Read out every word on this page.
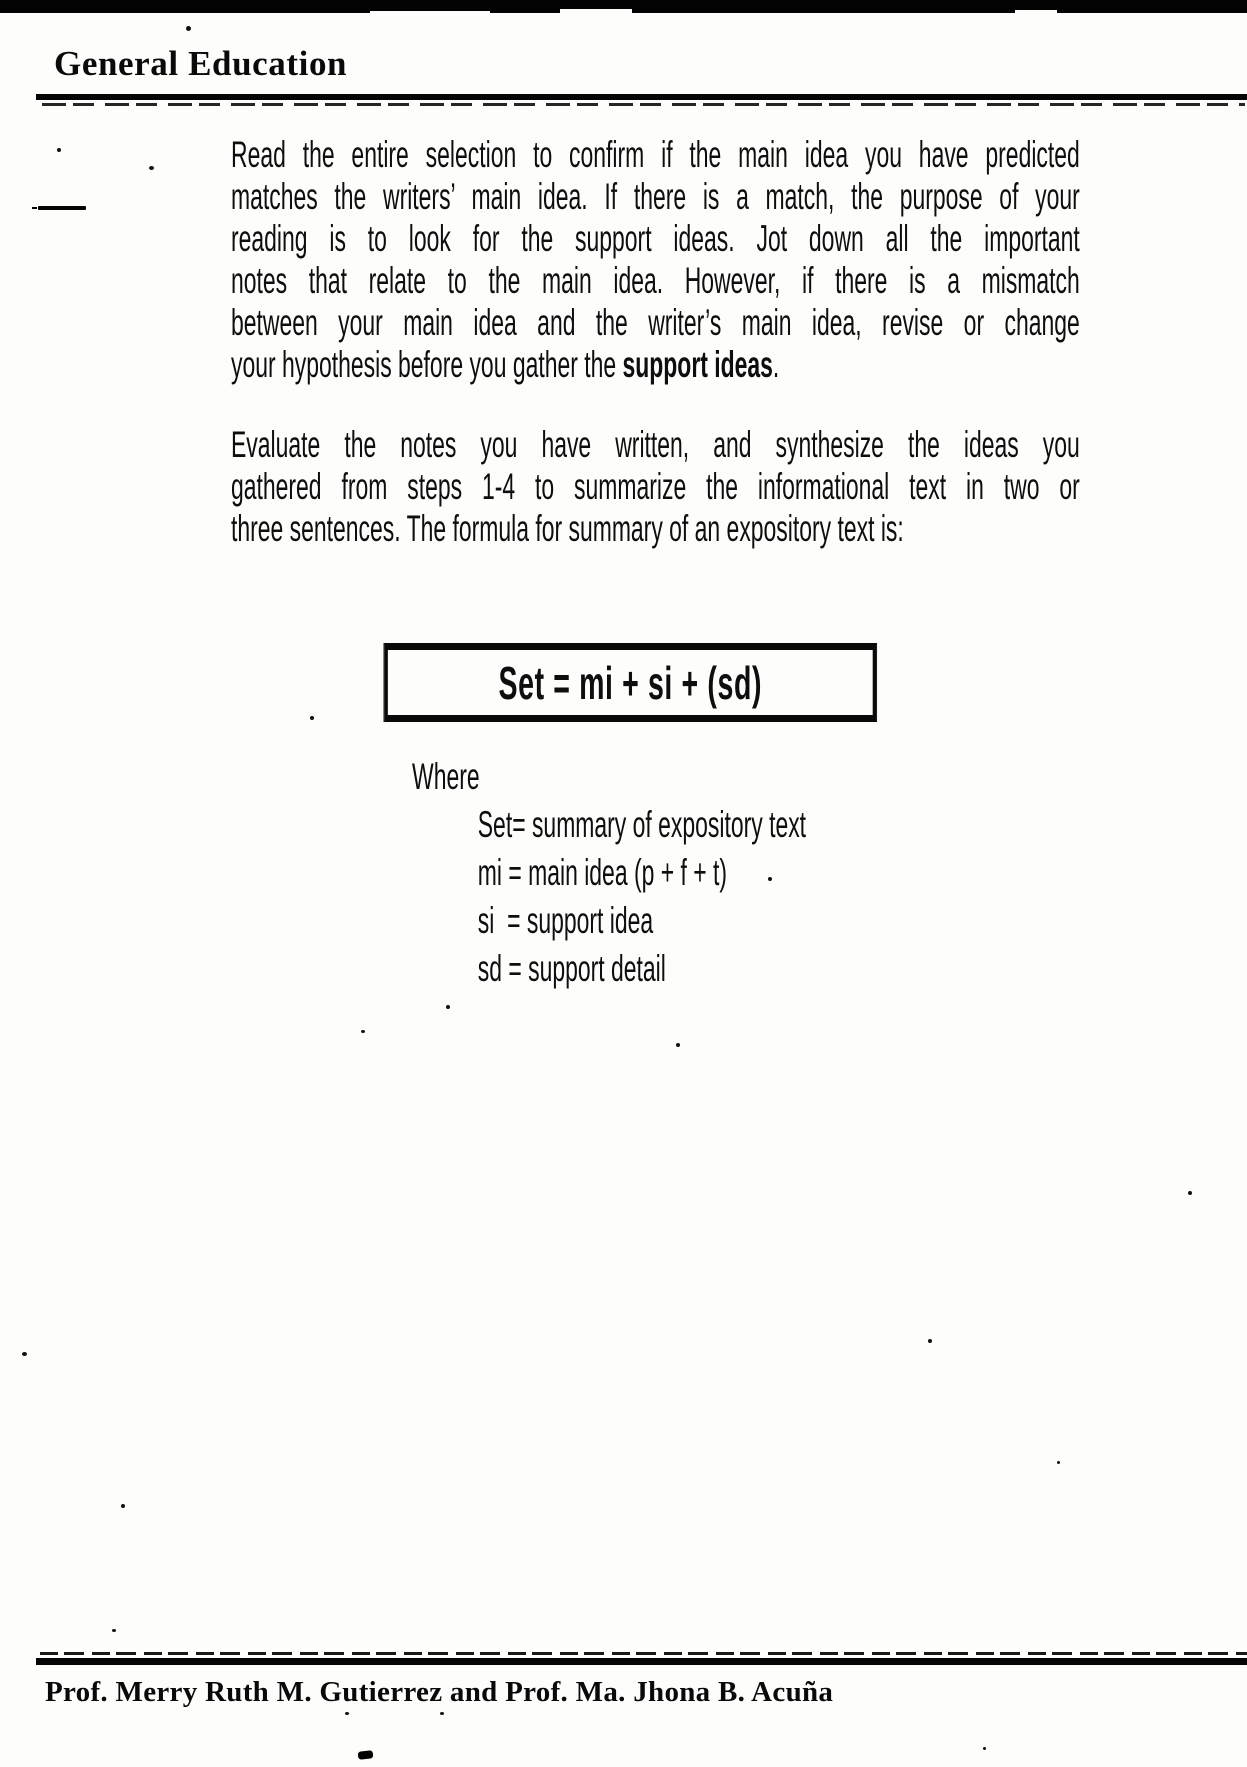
General Education
Read the entire selection to confirm if the main idea you have predicted
matches the writers’ main idea. If there is a match, the purpose of your
reading is to look for the support ideas. Jot down all the important
notes that relate to the main idea. However, if there is a mismatch
between your main idea and the writer’s main idea, revise or change
your hypothesis before you gather the support ideas.
Evaluate the notes you have written, and synthesize the ideas you
gathered from steps 1-4 to summarize the informational text in two or
three sentences. The formula for summary of an expository text is:
Set = mi + si + (sd)
Where
Set= summary of expository text
mi = main idea (p + f + t)
si  = support idea
sd = support detail
Prof. Merry Ruth M. Gutierrez and Prof. Ma. Jhona B. Acuña
